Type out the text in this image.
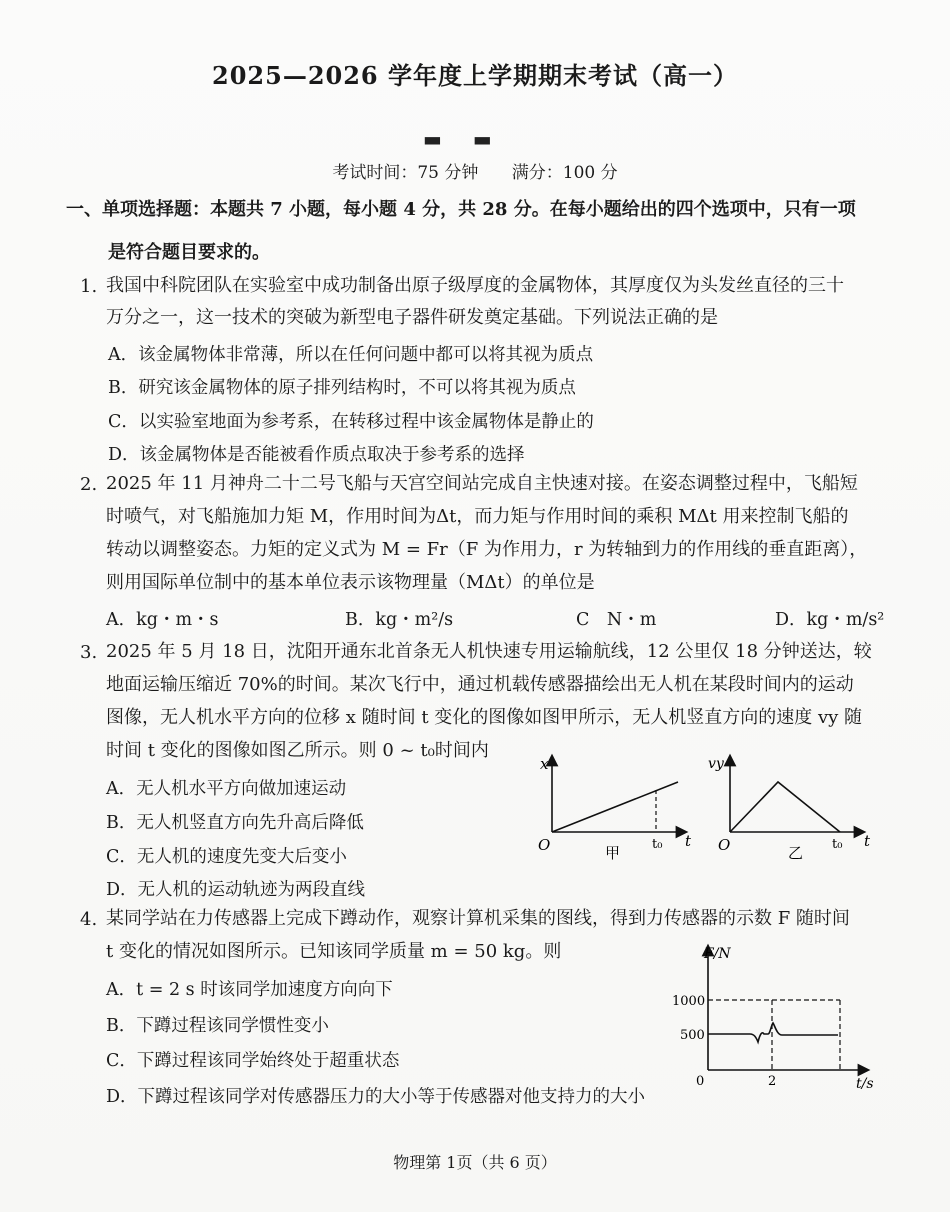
2025—2026 学年度上学期期末考试（高一）
▬ ▬
考试时间：75 分钟 满分：100 分
一、单项选择题：本题共 7 小题，每小题 4 分，共 28 分。在每小题给出的四个选项中，只有一项
是符合题目要求的。
1. 我国中科院团队在实验室中成功制备出原子级厚度的金属物体，其厚度仅为头发丝直径的三十
万分之一，这一技术的突破为新型电子器件研发奠定基础。下列说法正确的是
A．该金属物体非常薄，所以在任何问题中都可以将其视为质点
B．研究该金属物体的原子排列结构时，不可以将其视为质点
C．以实验室地面为参考系，在转移过程中该金属物体是静止的
D．该金属物体是否能被看作质点取决于参考系的选择
2. 2025 年 11 月神舟二十二号飞船与天宫空间站完成自主快速对接。在姿态调整过程中，飞船短
时喷气，对飞船施加力矩 M，作用时间为Δt，而力矩与作用时间的乘积 MΔt 用来控制飞船的
转动以调整姿态。力矩的定义式为 M = Fr（F 为作用力，r 为转轴到力的作用线的垂直距离），
则用国际单位制中的基本单位表示该物理量（MΔt）的单位是
A．kg・m・s	B．kg・m²/s	C　N・m	D．kg・m/s²
3. 2025 年 5 月 18 日，沈阳开通东北首条无人机快速专用运输航线，12 公里仅 18 分钟送达，较
地面运输压缩近 70%的时间。某次飞行中，通过机载传感器描绘出无人机在某段时间内的运动
图像，无人机水平方向的位移 x 随时间 t 变化的图像如图甲所示，无人机竖直方向的速度 vy 随
时间 t 变化的图像如图乙所示。则 0 ~ t₀时间内
A．无人机水平方向做加速运动
B．无人机竖直方向先升高后降低
C．无人机的速度先变大后变小
D．无人机的运动轨迹为两段直线
x
t
O	t₀
甲
vy
t
O	t₀
乙
4. 某同学站在力传感器上完成下蹲动作，观察计算机采集的图线，得到力传感器的示数 F 随时间
t 变化的情况如图所示。已知该同学质量 m = 50 kg。则
A．t = 2 s 时该同学加速度方向向下
B．下蹲过程该同学惯性变小
C．下蹲过程该同学始终处于超重状态
D．下蹲过程该同学对传感器压力的大小等于传感器对他支持力的大小
F/N
t/s
1000
500
0	2
物理第 1页（共 6 页）
